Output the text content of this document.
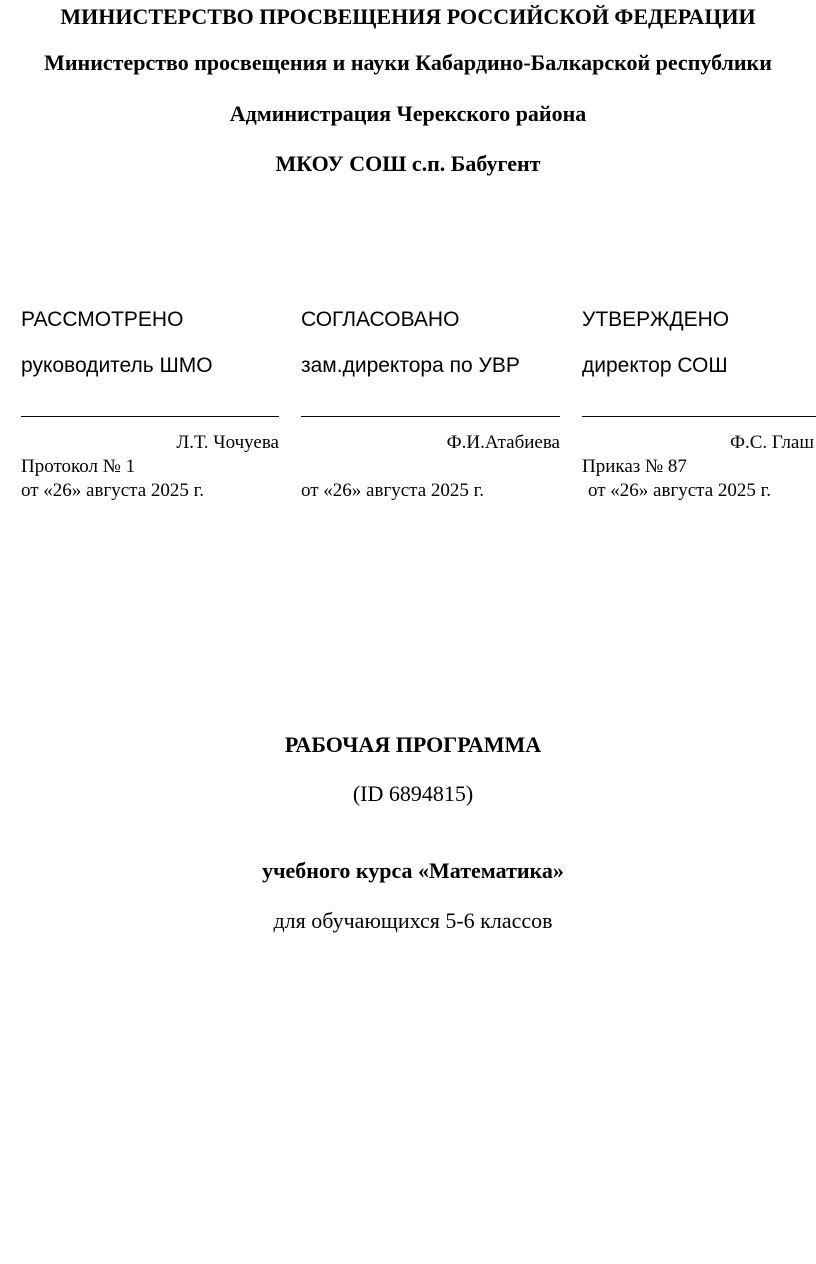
МИНИСТЕРСТВО ПРОСВЕЩЕНИЯ РОССИЙСКОЙ ФЕДЕРАЦИИ
Министерство просвещения и науки Кабардино-Балкарской республики
Администрация Черекского района
МКОУ СОШ с.п. Бабугент
РАССМОТРЕНО
руководитель ШМО
Л.Т. Чочуева
Протокол № 1
от «26» августа 2025 г.
СОГЛАСОВАНО
зам.директора по УВР
Ф.И.Атабиева
от «26» августа 2025 г.
УТВЕРЖДЕНО
директор СОШ
Ф.С. Глаш
Приказ № 87
от «26» августа 2025 г.
РАБОЧАЯ ПРОГРАММА
(ID 6894815)
учебного курса «Математика»
для обучающихся 5-6 классов
